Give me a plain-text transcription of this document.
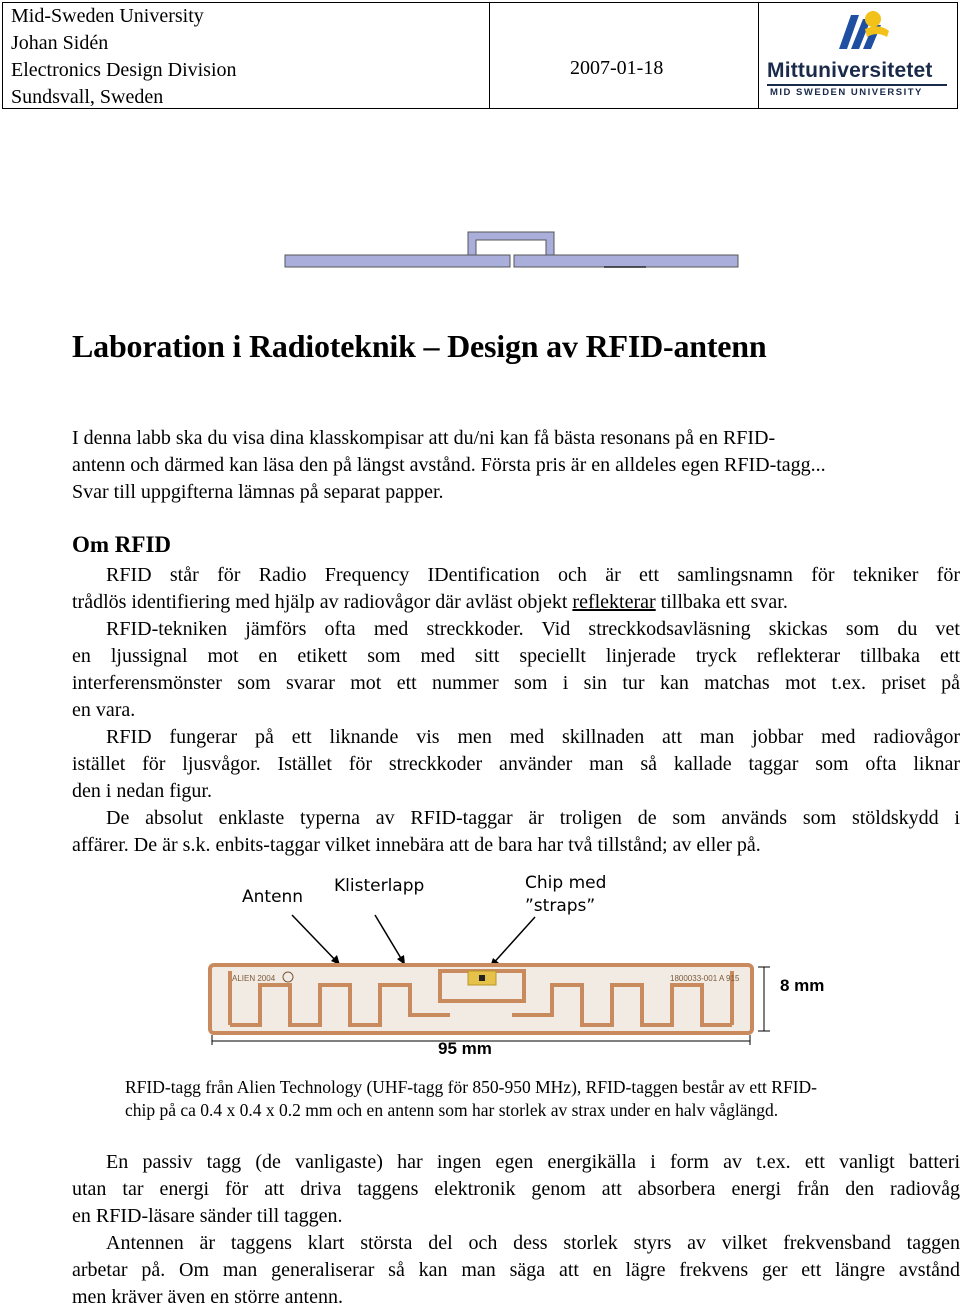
Mid-Sweden University
Johan Sidén
Electronics Design Division
Sundsvall, Sweden
2007-01-18	Mittuniversitetet
MID SWEDEN UNIVERSITY
Laboration i Radioteknik – Design av RFID-antenn
I denna labb ska du visa dina klasskompisar att du/ni kan få bästa resonans på en RFID-
antenn och därmed kan läsa den på längst avstånd. Första pris är en alldeles egen RFID-tagg...
Svar till uppgifterna lämnas på separat papper.
Om RFID
RFID står för Radio Frequency IDentification och är ett samlingsnamn för tekniker för
trådlös identifiering med hjälp av radiovågor där avläst objekt reflekterar tillbaka ett svar.
RFID-tekniken jämförs ofta med streckkoder. Vid streckkodsavläsning skickas som du vet
en ljussignal mot en etikett som med sitt speciellt linjerade tryck reflekterar tillbaka ett
interferensmönster som svarar mot ett nummer som i sin tur kan matchas mot t.ex. priset på
en vara.
RFID fungerar på ett liknande vis men med skillnaden att man jobbar med radiovågor
istället för ljusvågor. Istället för streckkoder använder man så kallade taggar som ofta liknar
den i nedan figur.
De absolut enklaste typerna av RFID-taggar är troligen de som används som stöldskydd i
affärer. De är s.k. enbits-taggar vilket innebära att de bara har två tillstånd; av eller på.
Antenn
Klisterlapp	Chip med
”straps”
ALIEN 2004	1800033-001 A 915 8 mm
95 mm
RFID-tagg från Alien Technology (UHF-tagg för 850-950 MHz), RFID-taggen består av ett RFID-
chip på ca 0.4 x 0.4 x 0.2 mm och en antenn som har storlek av strax under en halv våglängd.
En passiv tagg (de vanligaste) har ingen egen energikälla i form av t.ex. ett vanligt batteri
utan tar energi för att driva taggens elektronik genom att absorbera energi från den radiovåg
en RFID-läsare sänder till taggen.
Antennen är taggens klart största del och dess storlek styrs av vilket frekvensband taggen
arbetar på. Om man generaliserar så kan man säga att en lägre frekvens ger ett längre avstånd
men kräver även en större antenn.
